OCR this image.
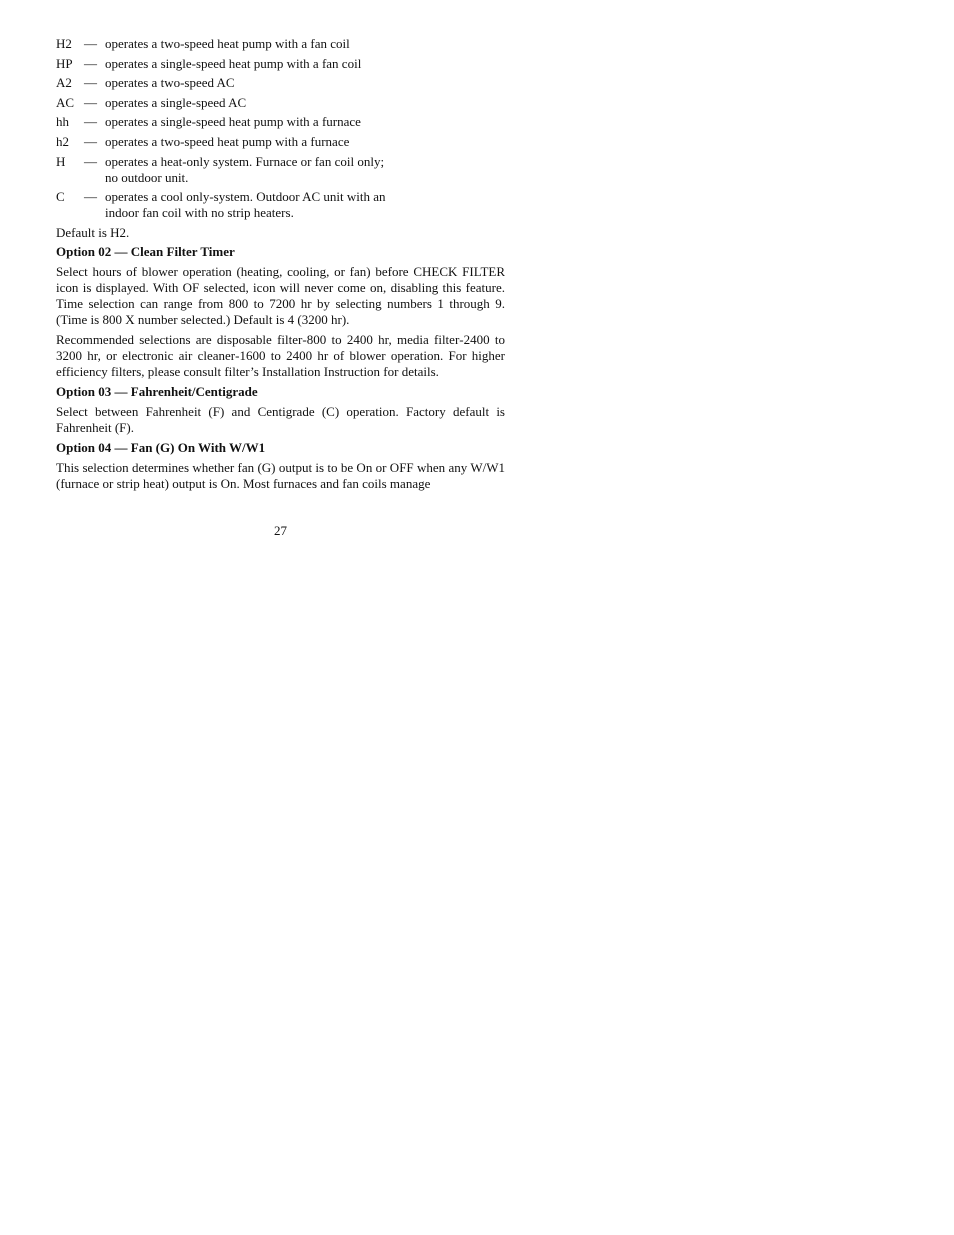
H2 — operates a two‑speed heat pump with a fan coil
HP — operates a single‑speed heat pump with a fan coil
A2 — operates a two‑speed AC
AC — operates a single‑speed AC
hh	— operates a single‑speed heat pump with a furnace
h2	— operates a two‑speed heat pump with a furnace
H	— operates a heat‑only system. Furnace or fan coil only;
no outdoor unit.
C	— operates a cool only‑system. Outdoor AC unit with an
indoor fan coil with no strip heaters.
Default is H2.
Option 02 — Clean Filter Timer

Select hours of blower operation (heating, cooling, or fan) before CHECK FILTER icon is displayed. With OF selected, icon will never come on, disabling this feature. Time selection can range from 800 to 7200 hr by selecting numbers 1 through 9. (Time is 800 X number selected.) Default is 4 (3200 hr).

Recommended selections are disposable filter‑800 to 2400 hr, media filter‑2400 to 3200 hr, or electronic air cleaner‑1600 to 2400 hr of blower operation. For higher efficiency filters, please consult filter’s Installation Instruction for details.

Option 03 — Fahrenheit/Centigrade

Select between Fahrenheit (F) and Centigrade (C) operation. Factory default is Fahrenheit (F).

Option 04 — Fan (G) On With W/W1

This selection determines whether fan (G) output is to be On or OFF when any W/W1 (furnace or strip heat) output is On. Most furnaces and fan coils manage

27
